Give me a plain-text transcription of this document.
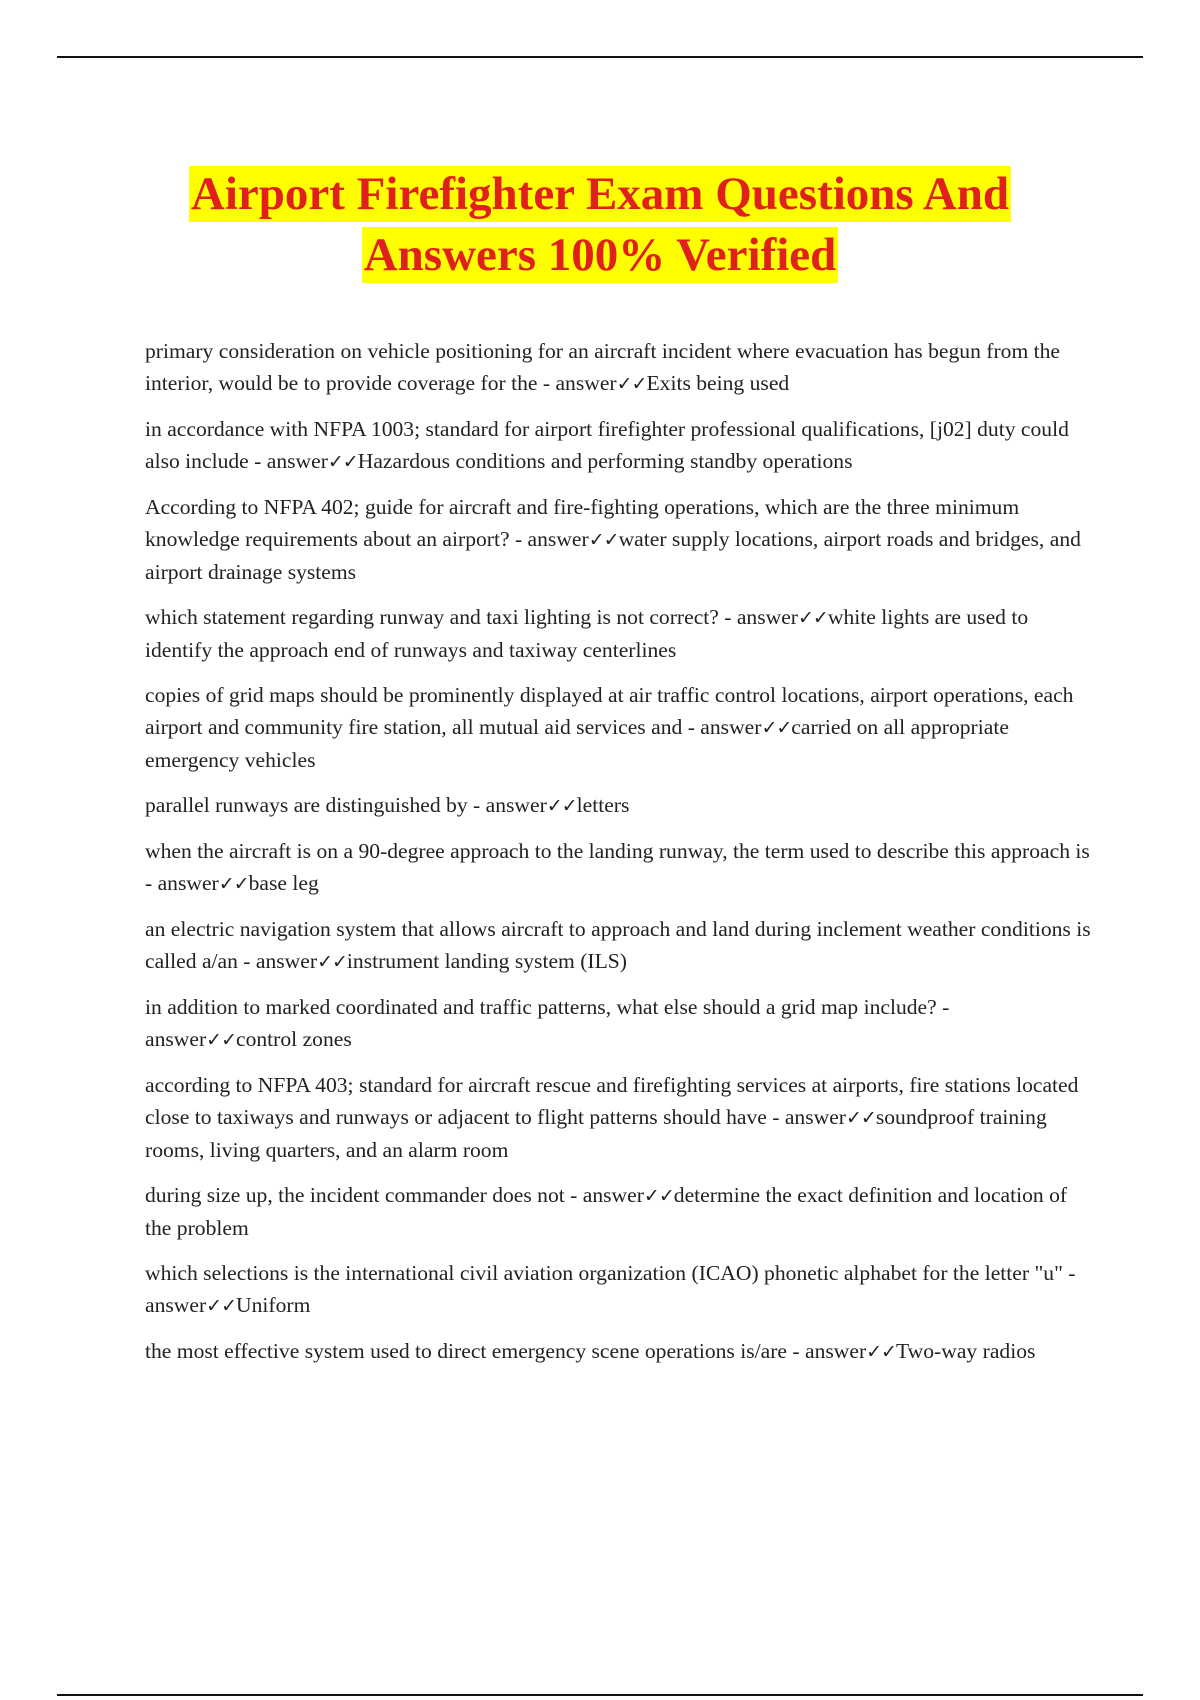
Airport Firefighter Exam Questions And
Answers 100% Verified

primary consideration on vehicle positioning for an aircraft incident where evacuation has begun from the interior, would be to provide coverage for the - answer✓✓Exits being used

in accordance with NFPA 1003; standard for airport firefighter professional qualifications, [j02] duty could also include - answer✓✓Hazardous conditions and performing standby operations

According to NFPA 402; guide for aircraft and fire-fighting operations, which are the three minimum knowledge requirements about an airport? - answer✓✓water supply locations, airport roads and bridges, and airport drainage systems

which statement regarding runway and taxi lighting is not correct? - answer✓✓white lights are used to identify the approach end of runways and taxiway centerlines

copies of grid maps should be prominently displayed at air traffic control locations, airport operations, each airport and community fire station, all mutual aid services and - answer✓✓carried on all appropriate emergency vehicles

parallel runways are distinguished by - answer✓✓letters

when the aircraft is on a 90-degree approach to the landing runway, the term used to describe this approach is - answer✓✓base leg

an electric navigation system that allows aircraft to approach and land during inclement weather conditions is called a/an - answer✓✓instrument landing system (ILS)

in addition to marked coordinated and traffic patterns, what else should a grid map include? - answer✓✓control zones

according to NFPA 403; standard for aircraft rescue and firefighting services at airports, fire stations located close to taxiways and runways or adjacent to flight patterns should have - answer✓✓soundproof training rooms, living quarters, and an alarm room

during size up, the incident commander does not - answer✓✓determine the exact definition and location of the problem

which selections is the international civil aviation organization (ICAO) phonetic alphabet for the letter "u" - answer✓✓Uniform

the most effective system used to direct emergency scene operations is/are - answer✓✓Two-way radios
